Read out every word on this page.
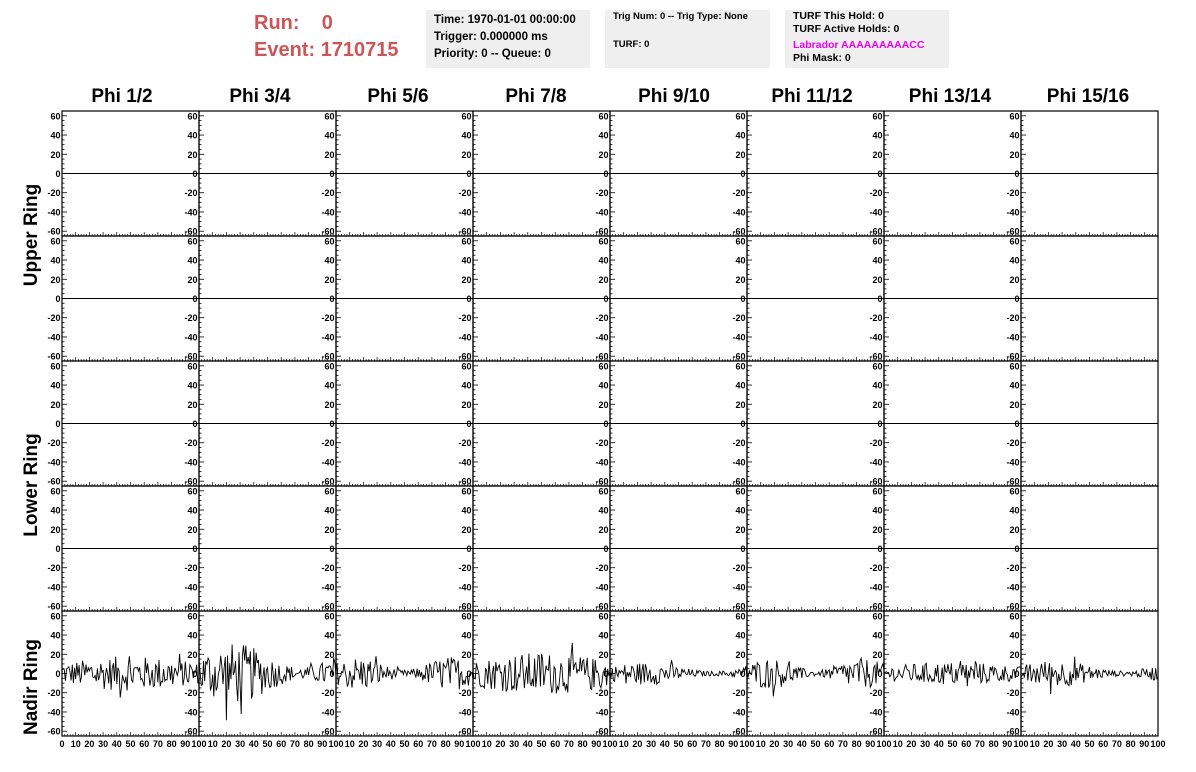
Run: 0
Event: 1710715
Time: 1970-01-01 00:00:00
Trigger: 0.000000 ms
Priority: 0 -- Queue: 0
Trig Num: 0 -- Trig Type: None
TURF: 0
TURF This Hold: 0
TURF Active Holds: 0
Labrador AAAAAAAAACC
Phi Mask: 0
Phi 1/2	Phi 3/4	Phi 5/6	Phi 7/8	Phi 9/10	Phi 11/12	Phi 13/14	Phi 15/16
Upper Ring
Lower Ring
Nadir Ring
-60
-40
-20
0
20
40
60
-60
-40
-20
0
20
40
60
-60
-40
-20
0
20
40
60
-60
-40
-20
0
20
40
60
-60
-40
-20
0
20
40
60
-60
-40
-20
0
20
40
60
-60
-40
-20
0
20
40
60
-60
-40
-20
0
20
40
60
-60
-40
-20
0
20
40
60
-60
-40
-20
0
20
40
60
-60
-40
-20
0
20
40
60
-60
-40
-20
0
20
40
60
-60
-40
-20
0
20
40
60
-60
-40
-20
0
20
40
60
-60
-40
-20
0
20
40
60
-60
-40
-20
0
20
40
60
-60
-40
-20
0
20
40
60
-60
-40
-20
0
20
40
60
-60
-40
-20
0
20
40
60
-60
-40
-20
0
20
40
60
-60
-40
-20
0
20
40
60
-60
-40
-20
0
20
40
60
-60
-40
-20
0
20
40
60
-60
-40
-20
0
20
40
60
-60
-40
-20
0
20
40
60
-60
-40
-20
0
20
40
60
-60
-40
-20
0
20
40
60
-60
-40
-20
0
20
40
60
-60
-40
-20
0
20
40
60
-60
-40
-20
0
20
40
60
-60
-40
-20
0
20
40
60
-60
-40
-20
0
20
40
60
-60
-40
-20
0
20
40
60
-60
-40
-20
0
20
40
60
-60
-40
-20
0
20
40
60
-60
-40
-20
0
20
40
60
-60
-40
-20
0
20
40
60
-60
-40
-20
0
20
40
60
-60
-40
-20
0
20
40
60
-60
-40
-20
0
20
40
60
0 10 20 30 40 50 60 70 80 90 100 10 20 30 40 50 60 70 80 90 100 10 20 30 40 50 60 70 80 90 100 10 20 30 40 50 60 70 80 90 100 10 20 30 40 50 60 70 80 90 100 10 20 30 40 50 60 70 80 90 100 10 20 30 40 50 60 70 80 90 100 10 20 30 40 50 60 70 80 90 100
